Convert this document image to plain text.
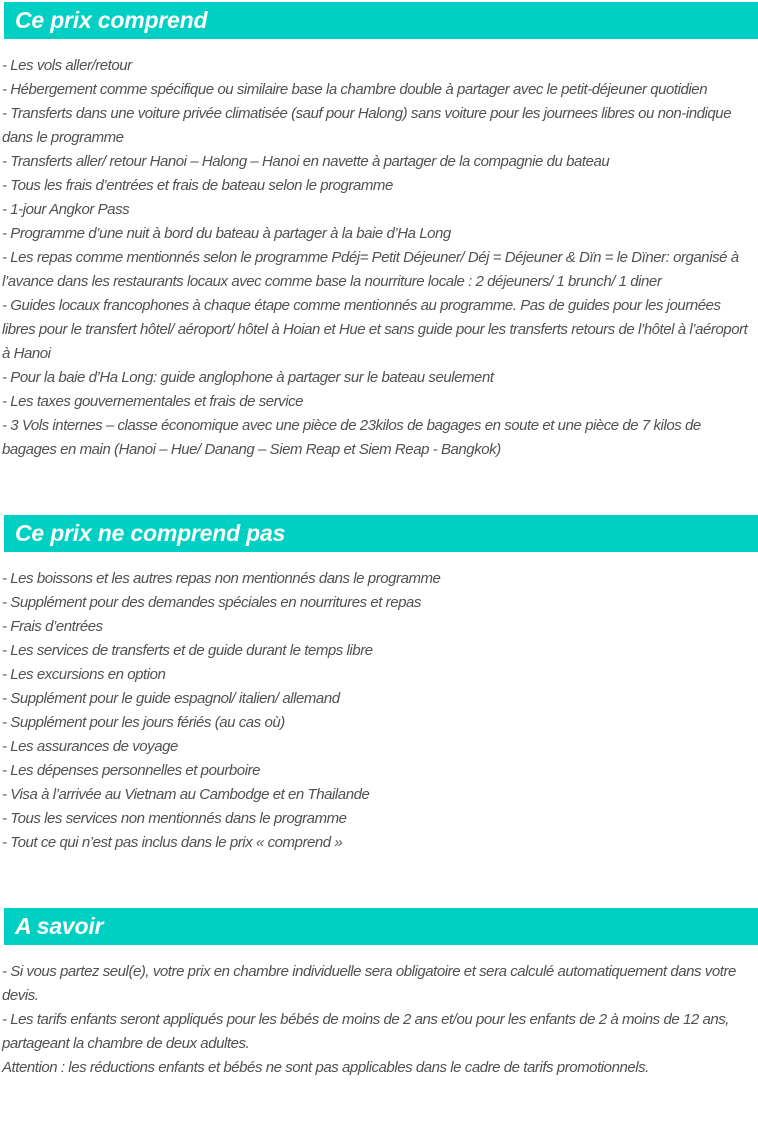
Ce prix comprend

- Les vols aller/retour

- Hébergement comme spécifique ou similaire base la chambre double à partager avec le petit-déjeuner quotidien

- Transferts dans une voiture privée climatisée (sauf pour Halong) sans voiture pour les journees libres ou non-indique dans le programme

- Transferts aller/ retour Hanoi – Halong – Hanoi en navette à partager de la compagnie du bateau

- Tous les frais d’entrées et frais de bateau selon le programme

- 1-jour Angkor Pass

- Programme d’une nuit à bord du bateau à partager à la baie d’Ha Long

- Les repas comme mentionnés selon le programme Pdéj= Petit Déjeuner/ Déj = Déjeuner & Dïn = le Dïner: organisé à l’avance dans les restaurants locaux avec comme base la nourriture locale : 2 déjeuners/ 1 brunch/ 1 diner

- Guides locaux francophones à chaque étape comme mentionnés au programme. Pas de guides pour les journées libres pour le transfert hôtel/ aéroport/ hôtel à Hoian et Hue et sans guide pour les transferts retours de l’hôtel à l’aéroport à Hanoi

- Pour la baie d’Ha Long: guide anglophone à partager sur le bateau seulement

- Les taxes gouvernementales et frais de service

- 3 Vols internes – classe économique avec une pièce de 23kilos de bagages en soute et une pièce de 7 kilos de bagages en main (Hanoi – Hue/ Danang – Siem Reap et Siem Reap - Bangkok)

Ce prix ne comprend pas

- Les boissons et les autres repas non mentionnés dans le programme

- Supplément pour des demandes spéciales en nourritures et repas

- Frais d’entrées

- Les services de transferts et de guide durant le temps libre

- Les excursions en option

- Supplément pour le guide espagnol/ italien/ allemand

- Supplément pour les jours fériés (au cas où)

- Les assurances de voyage

- Les dépenses personnelles et pourboire

- Visa à l’arrivée au Vietnam au Cambodge et en Thailande

- Tous les services non mentionnés dans le programme

- Tout ce qui n’est pas inclus dans le prix « comprend »

A savoir

- Si vous partez seul(e), votre prix en chambre individuelle sera obligatoire et sera calculé automatiquement dans votre devis.

- Les tarifs enfants seront appliqués pour les bébés de moins de 2 ans et/ou pour les enfants de 2 à moins de 12 ans, partageant la chambre de deux adultes.

Attention : les réductions enfants et bébés ne sont pas applicables dans le cadre de tarifs promotionnels.
